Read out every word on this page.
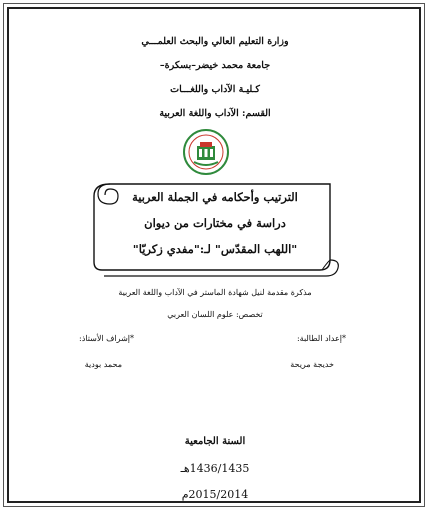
وزارة التعليم العالي والبحث العلمـــي
جامعة محمد خيضر–بسكرة–
كـليـة الآداب واللغـــات
القسم: الآداب واللغة العربية
الترتيب وأحكامه في الجملة العربية
دراسة في مختارات من ديوان
"اللهب المقدّس" لـ:"مفدي زكريّا"
مذكرة مقدمة لنيل شهادة الماستر في الآداب واللغة العربية
تخصص: علوم اللسان العربي
*إعداد الطالبة:
خديجة مريحة
*إشراف الأستاذ:
محمد بودية
السنة الجامعية
1436/1435هـ
2015/2014م
